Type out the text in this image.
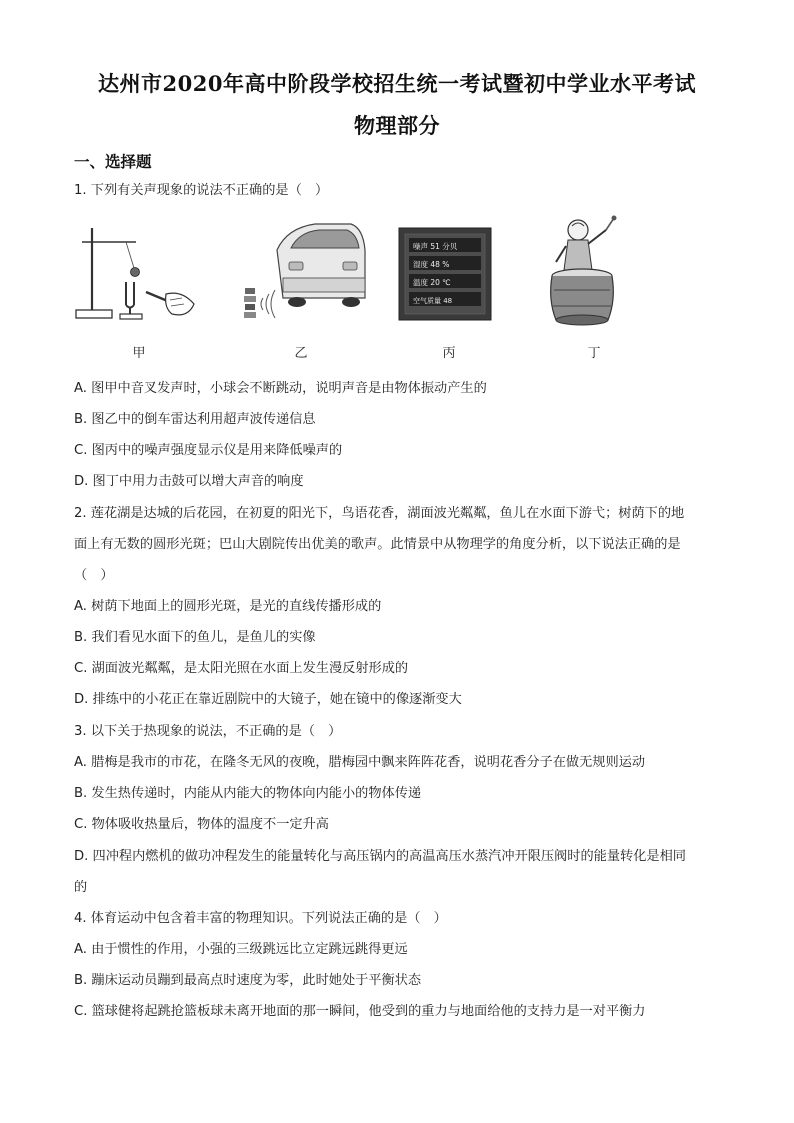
达州市2020年高中阶段学校招生统一考试暨初中学业水平考试
物理部分
一、选择题
1. 下列有关声现象的说法不正确的是（　）
甲	乙
噪声 51 分贝
湿度 48 %
温度 20 ℃
空气质量 48
丙	丁
A. 图甲中音叉发声时，小球会不断跳动，说明声音是由物体振动产生的
B. 图乙中的倒车雷达利用超声波传递信息
C. 图丙中的噪声强度显示仪是用来降低噪声的
D. 图丁中用力击鼓可以增大声音的响度
2. 莲花湖是达城的后花园，在初夏的阳光下，鸟语花香，湖面波光粼粼，鱼儿在水面下游弋；树荫下的地
面上有无数的圆形光斑；巴山大剧院传出优美的歌声。此情景中从物理学的角度分析，以下说法正确的是
（　）
A. 树荫下地面上的圆形光斑，是光的直线传播形成的
B. 我们看见水面下的鱼儿，是鱼儿的实像
C. 湖面波光粼粼，是太阳光照在水面上发生漫反射形成的
D. 排练中的小花正在靠近剧院中的大镜子，她在镜中的像逐渐变大
3. 以下关于热现象的说法，不正确的是（　）
A. 腊梅是我市的市花，在隆冬无风的夜晚，腊梅园中飘来阵阵花香，说明花香分子在做无规则运动
B. 发生热传递时，内能从内能大的物体向内能小的物体传递
C. 物体吸收热量后，物体的温度不一定升高
D. 四冲程内燃机的做功冲程发生的能量转化与高压锅内的高温高压水蒸汽冲开限压阀时的能量转化是相同
的
4. 体育运动中包含着丰富的物理知识。下列说法正确的是（　）
A. 由于惯性的作用，小强的三级跳远比立定跳远跳得更远
B. 蹦床运动员蹦到最高点时速度为零，此时她处于平衡状态
C. 篮球健将起跳抢篮板球未离开地面的那一瞬间，他受到的重力与地面给他的支持力是一对平衡力
